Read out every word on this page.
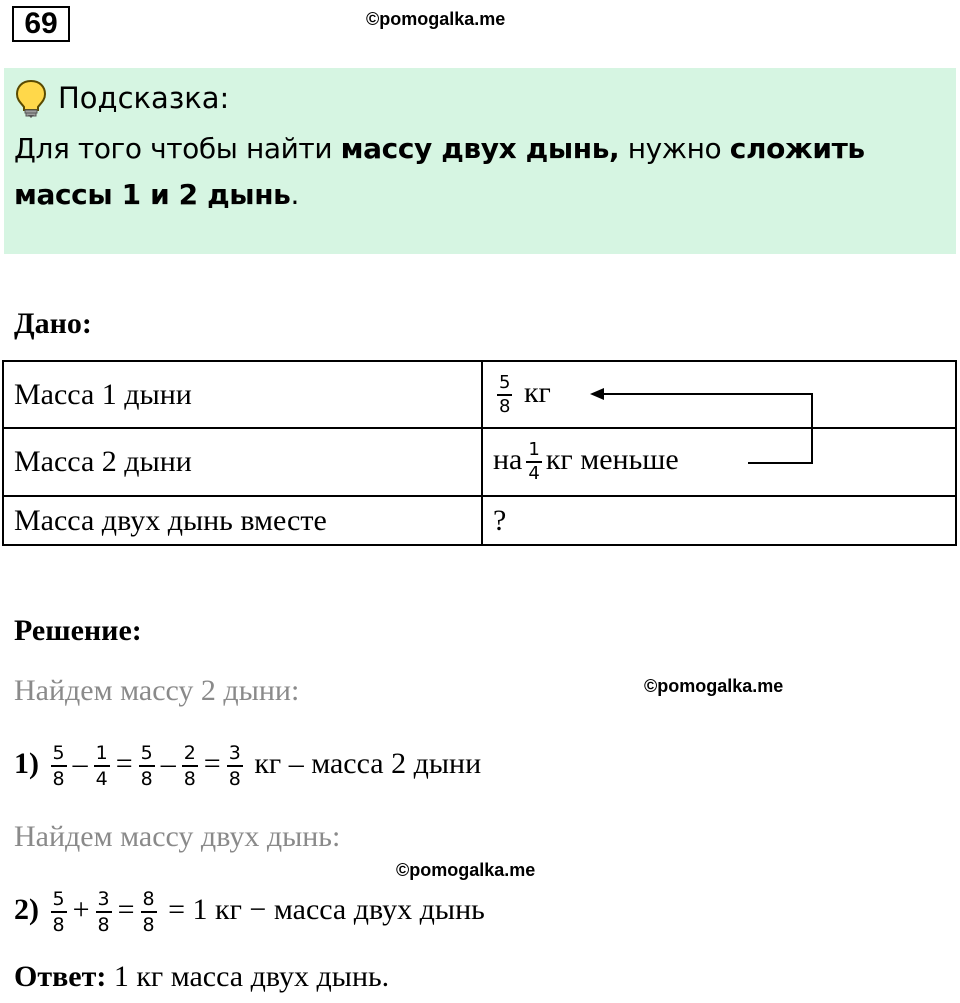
69	©pomogalka.me
Подсказка:
Для того чтобы найти массу двух дынь, нужно сложить массы 1 и 2 дынь.
Дано:
Масса 1 дыни	$\frac{5}{8}$ кг
Масса 2 дыни	на $\frac{1}{4}$ кг меньше
Масса двух дынь вместе	?
Решение:
Найдем массу 2 дыни:	©pomogalka.me
$1) \frac{5}{8} - \frac{1}{4} = \frac{5}{8} - \frac{2}{8} = \frac{3}{8}$ кг – масса 2 дыни
Найдем массу двух дынь:
©pomogalka.me
$2) \frac{5}{8} + \frac{3}{8} = \frac{8}{8} = 1$ кг − масса двух дынь
Ответ: 1 кг масса двух дынь.
